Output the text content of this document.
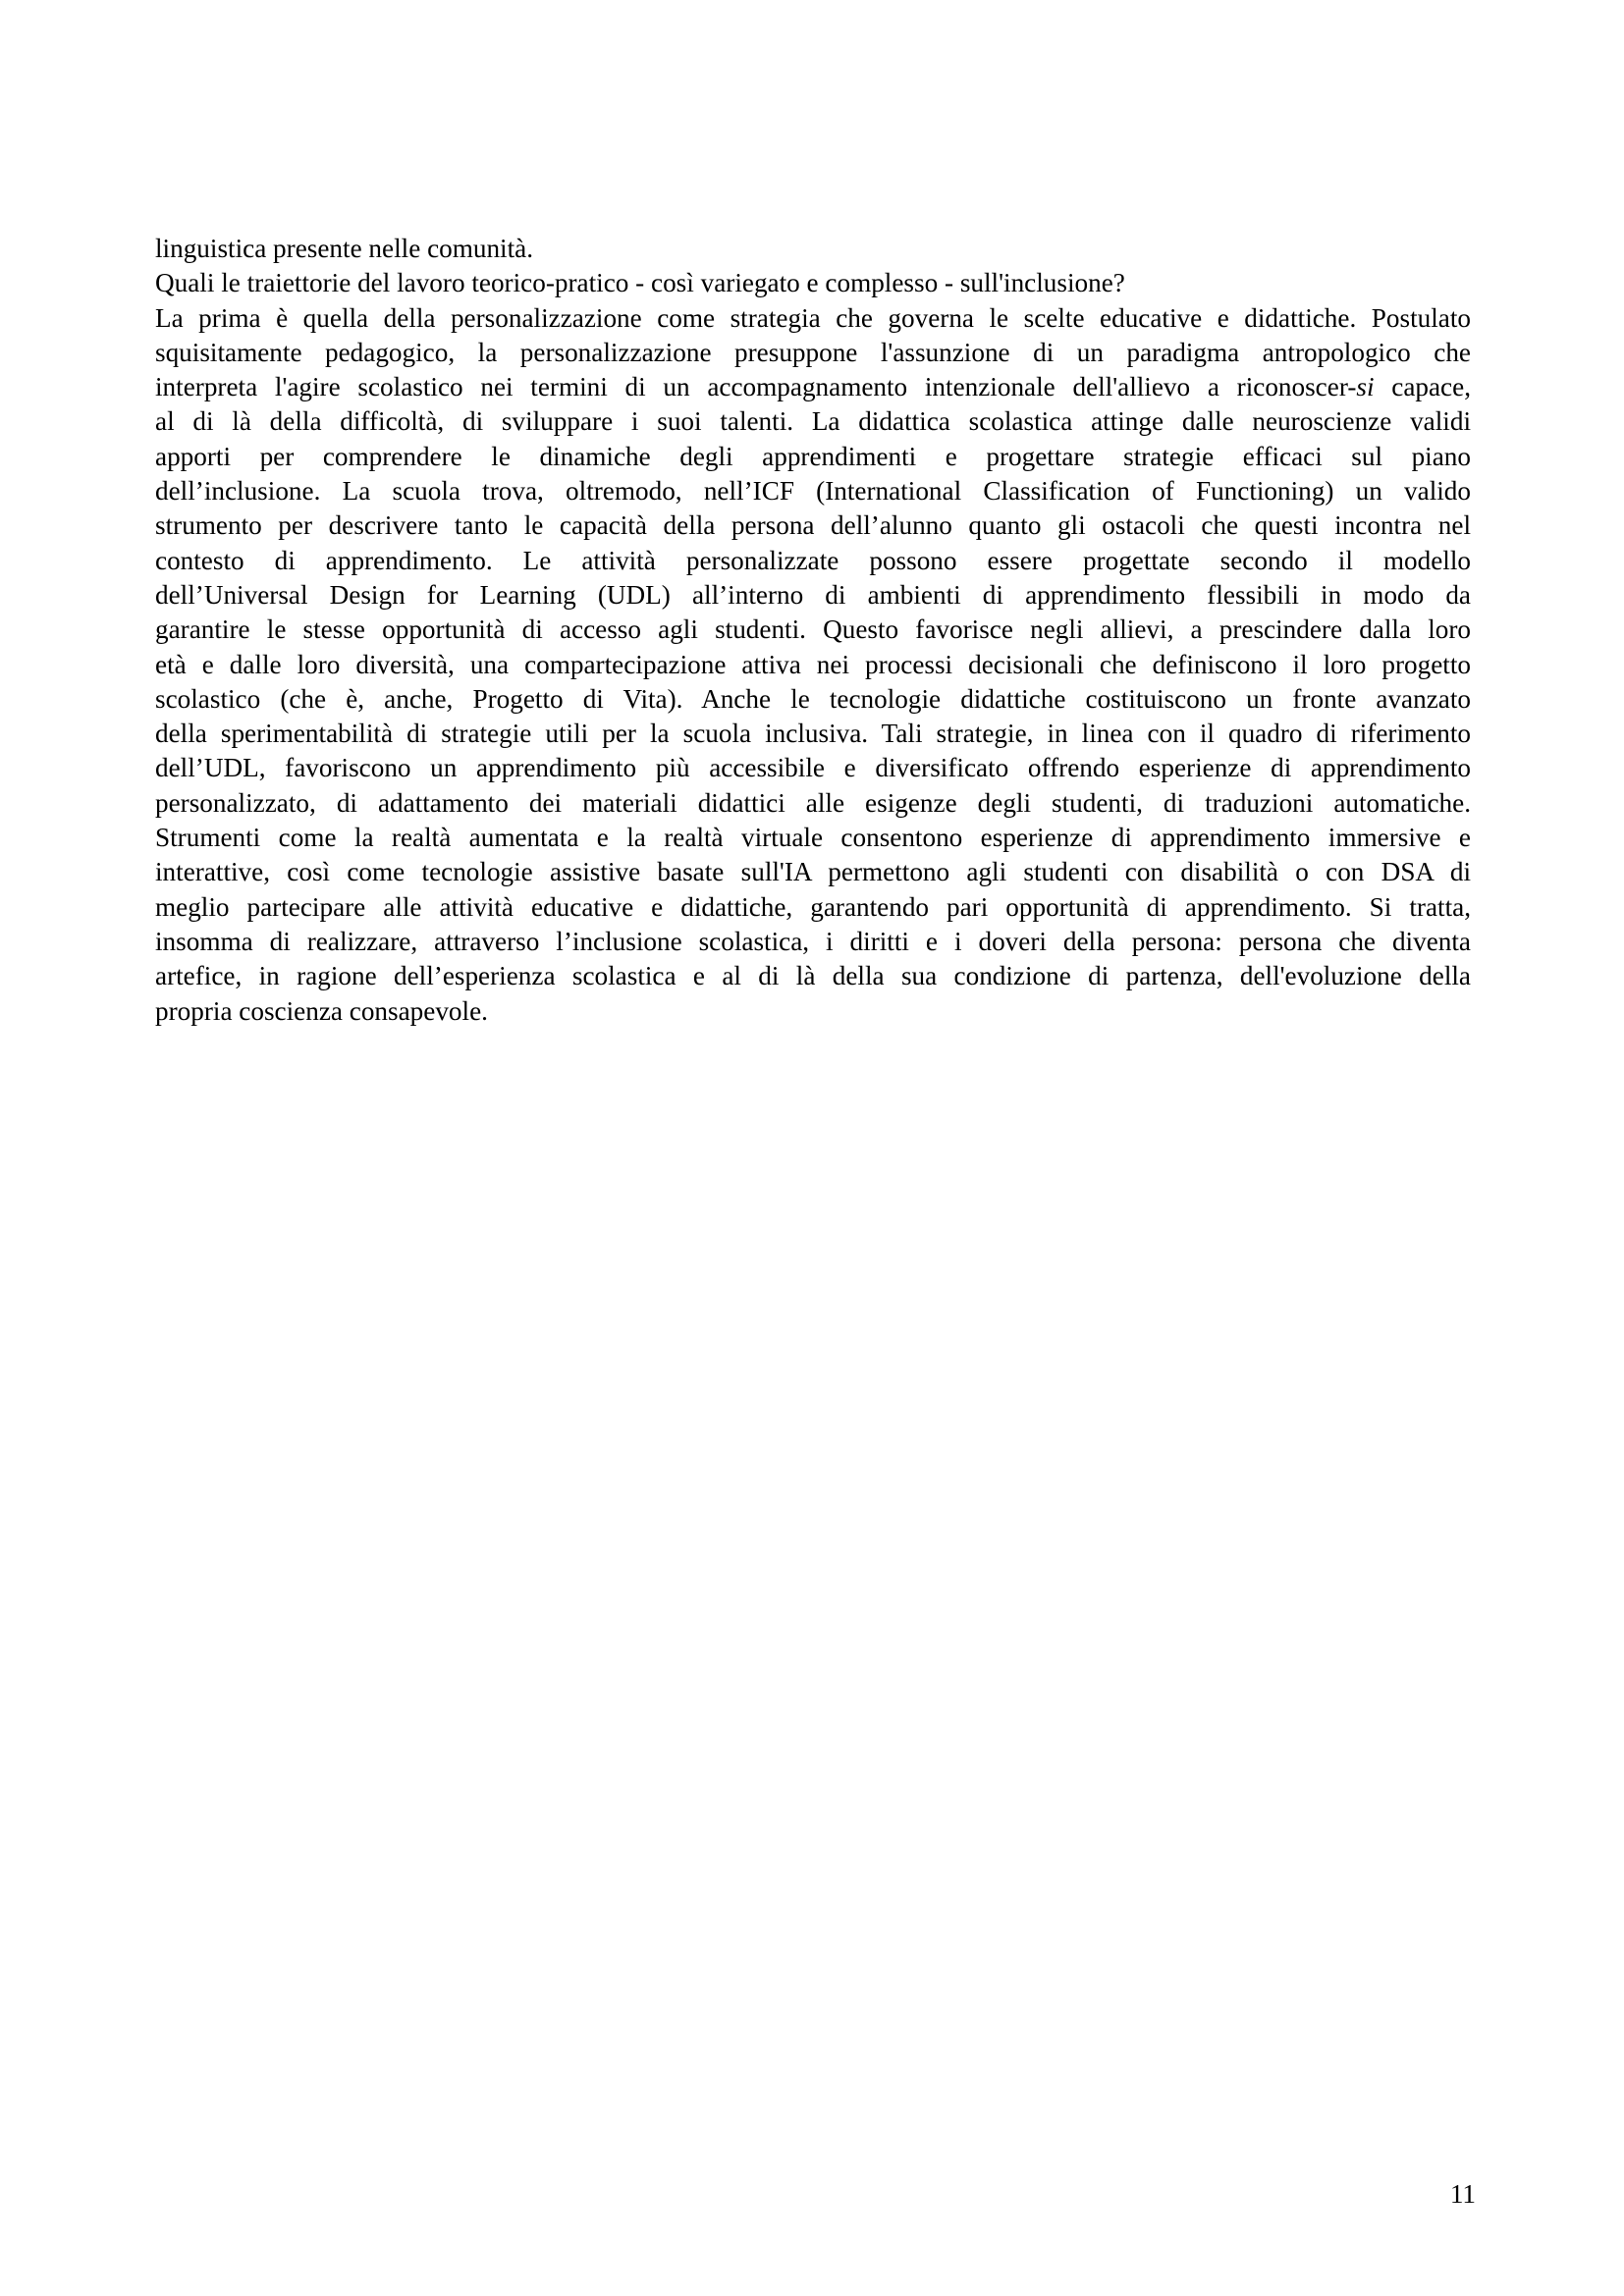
linguistica presente nelle comunità.
Quali le traiettorie del lavoro teorico-pratico - così variegato e complesso - sull'inclusione?
La prima è quella della personalizzazione come strategia che governa le scelte educative e didattiche. Postulato
squisitamente pedagogico, la personalizzazione presuppone l'assunzione di un paradigma antropologico che
interpreta l'agire scolastico nei termini di un accompagnamento intenzionale dell'allievo a riconoscer-si capace,
al di là della difficoltà, di sviluppare i suoi talenti. La didattica scolastica attinge dalle neuroscienze validi
apporti per comprendere le dinamiche degli apprendimenti e progettare strategie efficaci sul piano
dell’inclusione. La scuola trova, oltremodo, nell’ICF (International Classification of Functioning) un valido
strumento per descrivere tanto le capacità della persona dell’alunno quanto gli ostacoli che questi incontra nel
contesto di apprendimento. Le attività personalizzate possono essere progettate secondo il modello
dell’Universal Design for Learning (UDL) all’interno di ambienti di apprendimento flessibili in modo da
garantire le stesse opportunità di accesso agli studenti. Questo favorisce negli allievi, a prescindere dalla loro
età e dalle loro diversità, una compartecipazione attiva nei processi decisionali che definiscono il loro progetto
scolastico (che è, anche, Progetto di Vita). Anche le tecnologie didattiche costituiscono un fronte avanzato
della sperimentabilità di strategie utili per la scuola inclusiva. Tali strategie, in linea con il quadro di riferimento
dell’UDL, favoriscono un apprendimento più accessibile e diversificato offrendo esperienze di apprendimento
personalizzato, di adattamento dei materiali didattici alle esigenze degli studenti, di traduzioni automatiche.
Strumenti come la realtà aumentata e la realtà virtuale consentono esperienze di apprendimento immersive e
interattive, così come tecnologie assistive basate sull'IA permettono agli studenti con disabilità o con DSA di
meglio partecipare alle attività educative e didattiche, garantendo pari opportunità di apprendimento. Si tratta,
insomma di realizzare, attraverso l’inclusione scolastica, i diritti e i doveri della persona: persona che diventa
artefice, in ragione dell’esperienza scolastica e al di là della sua condizione di partenza, dell'evoluzione della
propria coscienza consapevole.
11
